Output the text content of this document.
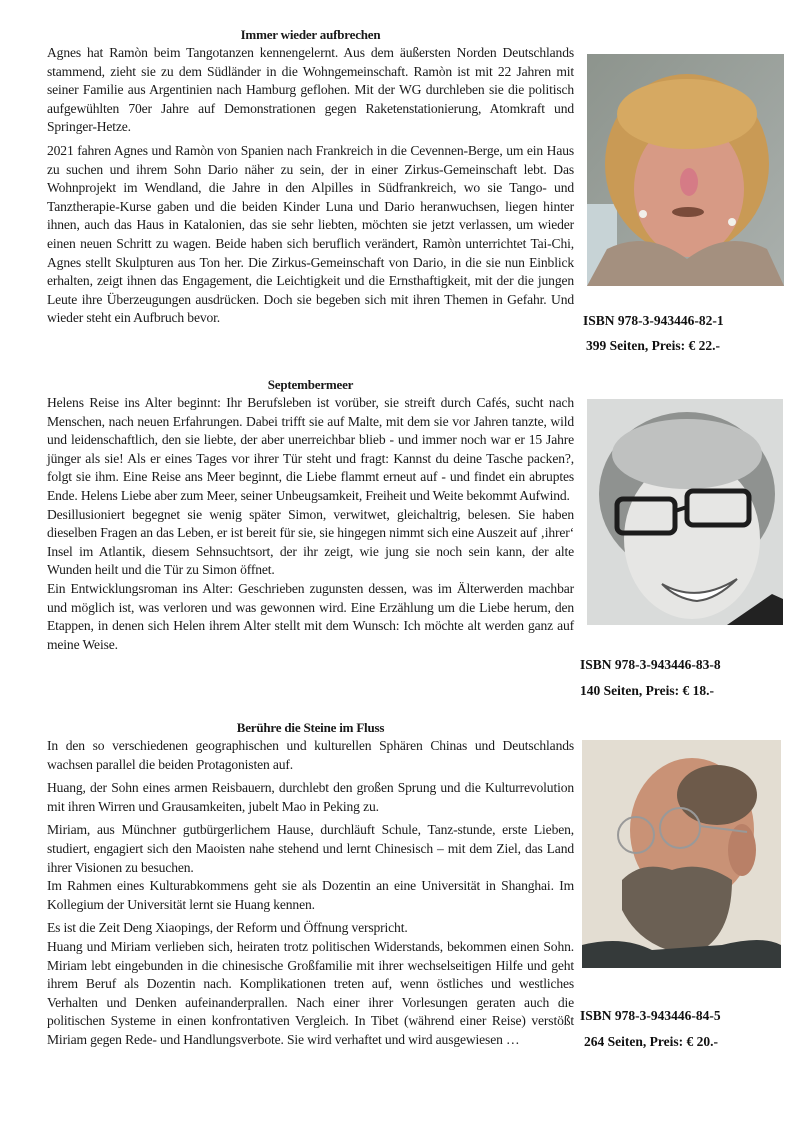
Immer wieder aufbrechen

Agnes hat Ramòn beim Tangotanzen kennengelernt. Aus dem äußersten Norden Deutschlands stammend, zieht sie zu dem Südländer in die Wohngemeinschaft. Ramòn ist mit 22 Jahren mit seiner Familie aus Argentinien nach Hamburg geflohen. Mit der WG durchleben sie die politisch aufgewühlten 70er Jahre auf Demonstrationen gegen Raketenstationierung, Atomkraft und Springer-Hetze.

2021 fahren Agnes und Ramòn von Spanien nach Frankreich in die Cevennen-Berge, um ein Haus zu suchen und ihrem Sohn Dario näher zu sein, der in einer Zirkus-Gemeinschaft lebt. Das Wohnprojekt im Wendland, die Jahre in den Alpilles in Südfrankreich, wo sie Tango- und Tanztherapie-Kurse gaben und die beiden Kinder Luna und Dario heranwuchsen, liegen hinter ihnen, auch das Haus in Katalonien, das sie sehr liebten, möchten sie jetzt verlassen, um wieder einen neuen Schritt zu wagen. Beide haben sich beruflich verändert, Ramòn unterrichtet Tai-Chi, Agnes stellt Skulpturen aus Ton her. Die Zirkus-Gemeinschaft von Dario, in die sie nun Einblick erhalten, zeigt ihnen das Engagement, die Leichtigkeit und die Ernsthaftigkeit, mit der die jungen Leute ihre Überzeugungen ausdrücken. Doch sie begeben sich mit ihren Themen in Gefahr. Und wieder steht ein Aufbruch bevor.	ISBN 978-3-943446-82-1
399 Seiten, Preis: € 22.-
Septembermeer

Helens Reise ins Alter beginnt: Ihr Berufsleben ist vorüber, sie streift durch Cafés, sucht nach Menschen, nach neuen Erfahrungen. Dabei trifft sie auf Malte, mit dem sie vor Jahren tanzte, wild und leidenschaftlich, den sie liebte, der aber unerreichbar blieb - und immer noch war er 15 Jahre jünger als sie! Als er eines Tages vor ihrer Tür steht und fragt: Kannst du deine Tasche packen?, folgt sie ihm. Eine Reise ans Meer beginnt, die Liebe flammt erneut auf - und findet ein abruptes Ende. Helens Liebe aber zum Meer, seiner Unbeugsamkeit, Freiheit und Weite bekommt Aufwind.

Desillusioniert begegnet sie wenig später Simon, verwitwet, gleichaltrig, belesen. Sie haben dieselben Fragen an das Leben, er ist bereit für sie, sie hingegen nimmt sich eine Auszeit auf ‚ihrer‘ Insel im Atlantik, diesem Sehnsuchtsort, der ihr zeigt, wie jung sie noch sein kann, der alte Wunden heilt und die Tür zu Simon öffnet.

Ein Entwicklungsroman ins Alter: Geschrieben zugunsten dessen, was im Älterwerden machbar und möglich ist, was verloren und was gewonnen wird. Eine Erzählung um die Liebe herum, den Etappen, in denen sich Helen ihrem Alter stellt mit dem Wunsch: Ich möchte alt werden ganz auf meine Weise.

ISBN 978-3-943446-83-8
140 Seiten, Preis: € 18.-
Berühre die Steine im Fluss

In den so verschiedenen geographischen und kulturellen Sphären Chinas und Deutschlands wachsen parallel die beiden Protagonisten auf.

Huang, der Sohn eines armen Reisbauern, durchlebt den großen Sprung und die Kulturrevolution mit ihren Wirren und Grausamkeiten, jubelt Mao in Peking zu.

Miriam, aus Münchner gutbürgerlichem Hause, durchläuft Schule, Tanz-stunde, erste Lieben, studiert, engagiert sich den Maoisten nahe stehend und lernt Chinesisch – mit dem Ziel, das Land ihrer Visionen zu besuchen.

Im Rahmen eines Kulturabkommens geht sie als Dozentin an eine Universität in Shanghai. Im Kollegium der Universität lernt sie Huang kennen.

Es ist die Zeit Deng Xiaopings, der Reform und Öffnung verspricht.

Huang und Miriam verlieben sich, heiraten trotz politischen Widerstands, bekommen einen Sohn. Miriam lebt eingebunden in die chinesische Großfamilie mit ihrer wechselseitigen Hilfe und geht ihrem Beruf als Dozentin nach. Komplikationen treten auf, wenn östliches und westliches Verhalten und Denken aufeinanderprallen. Nach einer ihrer Vorlesungen geraten auch die politischen Systeme in einen konfrontativen Vergleich. In Tibet (während einer Reise) verstößt Miriam gegen Rede- und Handlungsverbote. Sie wird verhaftet und wird ausgewiesen …

ISBN 978-3-943446-84-5
264 Seiten, Preis: € 20.-
